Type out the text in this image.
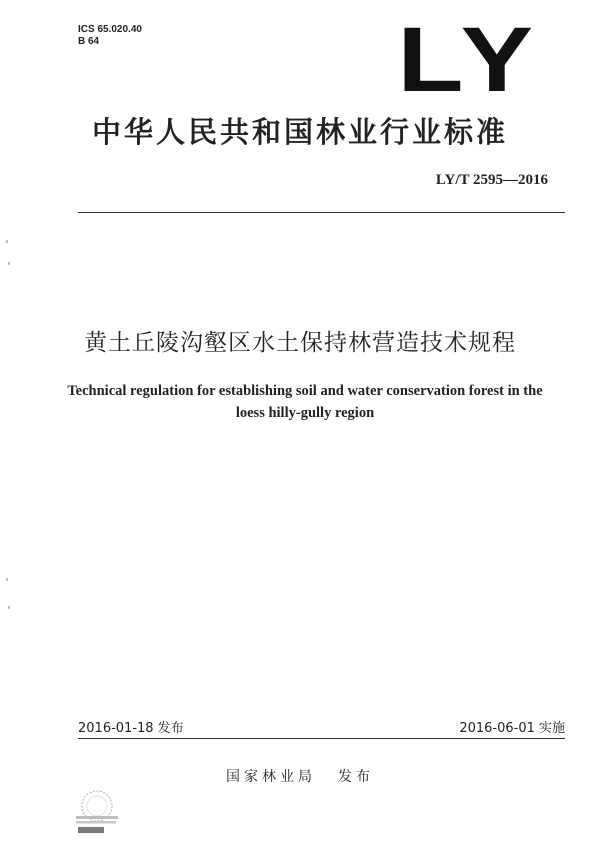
ICS 65.020.40
B 64	LY
中华人民共和国林业行业标准
LY/T 2595—2016
黄土丘陵沟壑区水土保持林营造技术规程
Technical regulation for establishing soil and water conservation forest in the
loess hilly-gully region
2016-01-18 发布	2016-06-01 实施
国家林业局 发布
